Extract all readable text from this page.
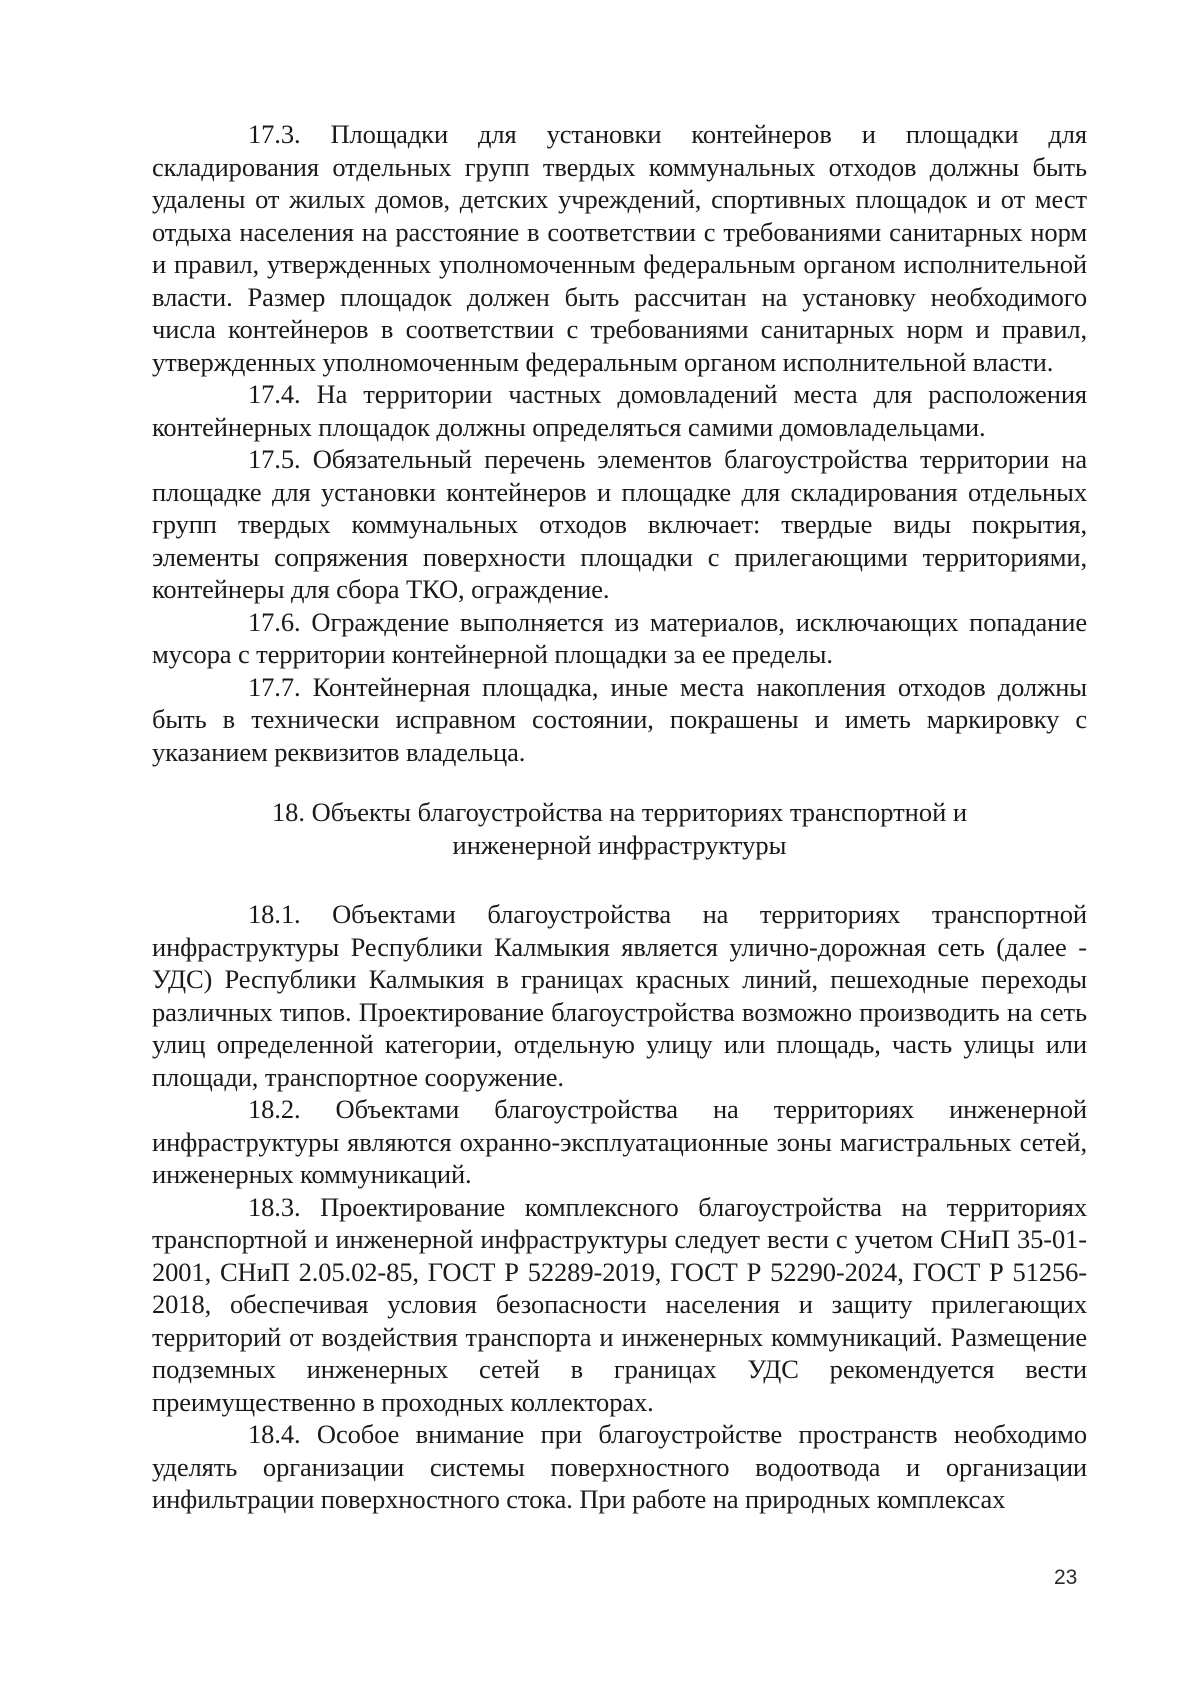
17.3. Площадки для установки контейнеров и площадки для складирования отдельных групп твердых коммунальных отходов должны быть удалены от жилых домов, детских учреждений, спортивных площадок и от мест отдыха населения на расстояние в соответствии с требованиями санитарных норм и правил, утвержденных уполномоченным федеральным органом исполнительной власти. Размер площадок должен быть рассчитан на установку необходимого числа контейнеров в соответствии с требованиями санитарных норм и правил, утвержденных уполномоченным федеральным органом исполнительной власти.

17.4. На территории частных домовладений места для расположения контейнерных площадок должны определяться самими домовладельцами.

17.5. Обязательный перечень элементов благоустройства территории на площадке для установки контейнеров и площадке для складирования отдельных групп твердых коммунальных отходов включает: твердые виды покрытия, элементы сопряжения поверхности площадки с прилегающими территориями, контейнеры для сбора ТКО, ограждение.

17.6. Ограждение выполняется из материалов, исключающих попадание мусора с территории контейнерной площадки за ее пределы.

17.7. Контейнерная площадка, иные места накопления отходов должны быть в технически исправном состоянии, покрашены и иметь маркировку с указанием реквизитов владельца.

18. Объекты благоустройства на территориях транспортной и
инженерной инфраструктуры

18.1. Объектами благоустройства на территориях транспортной инфраструктуры Республики Калмыкия является улично-дорожная сеть (далее - УДС) Республики Калмыкия в границах красных линий, пешеходные переходы различных типов. Проектирование благоустройства возможно производить на сеть улиц определенной категории, отдельную улицу или площадь, часть улицы или площади, транспортное сооружение.

18.2. Объектами благоустройства на территориях инженерной инфраструктуры являются охранно-эксплуатационные зоны магистральных сетей, инженерных коммуникаций.

18.3. Проектирование комплексного благоустройства на территориях транспортной и инженерной инфраструктуры следует вести с учетом СНиП 35-01-2001, СНиП 2.05.02-85, ГОСТ Р 52289-2019, ГОСТ Р 52290-2024, ГОСТ Р 51256-2018, обеспечивая условия безопасности населения и защиту прилегающих территорий от воздействия транспорта и инженерных коммуникаций. Размещение подземных инженерных сетей в границах УДС рекомендуется вести преимущественно в проходных коллекторах.

18.4. Особое внимание при благоустройстве пространств необходимо уделять организации системы поверхностного водоотвода и организации инфильтрации поверхностного стока. При работе на природных комплексах

23
